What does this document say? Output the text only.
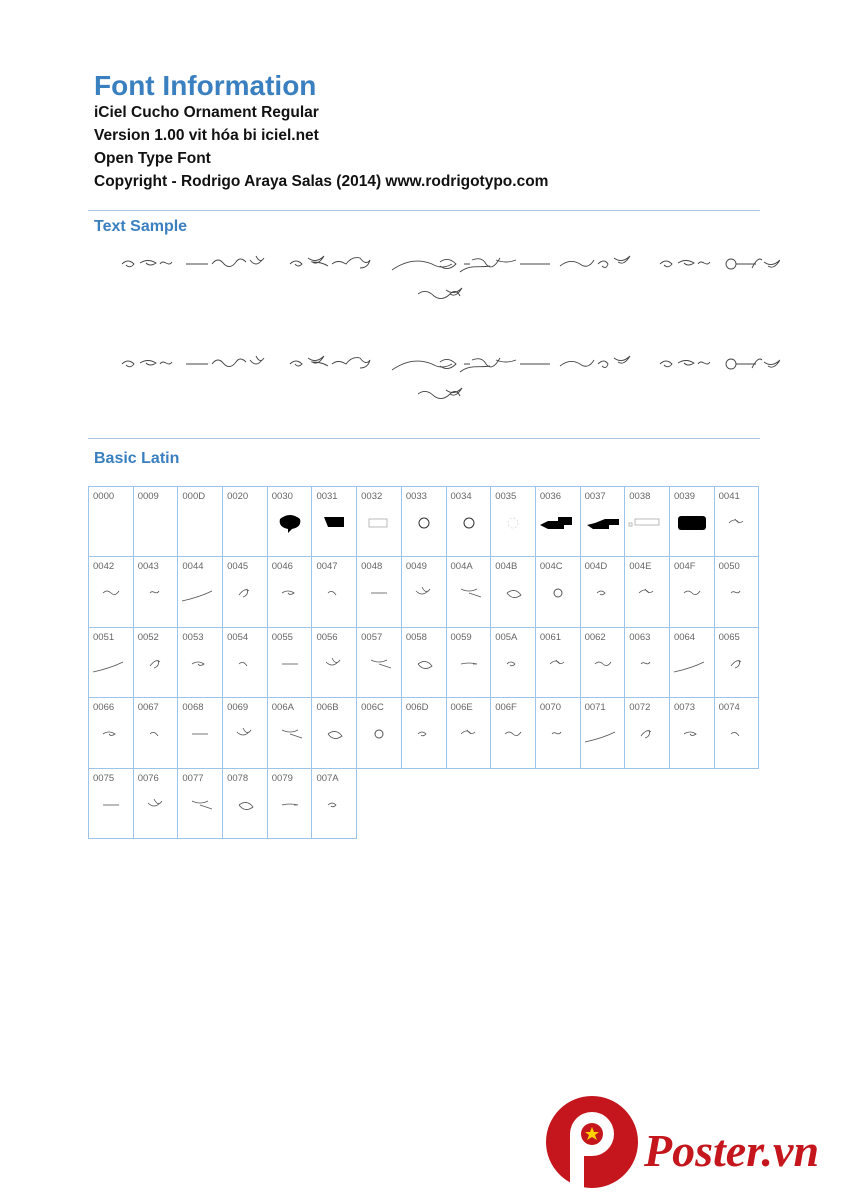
Font Information
iCiel Cucho Ornament Regular
Version 1.00 vit hóa bi iciel.net
Open Type Font
Copyright - Rodrigo Araya Salas (2014) www.rodrigotypo.com
Text Sample
Basic Latin
0000 0009 000D 0020 0030 0031 0032 0033 0034 0035 0036 0037 0038 0039 0041
0042 0043 0044 0045 0046 0047 0048 0049 004A 004B 004C 004D 004E 004F 0050
0051 0052 0053 0054 0055 0056 0057 0058 0059 005A 0061 0062 0063 0064 0065
0066 0067 0068 0069 006A 006B 006C 006D 006E 006F 0070 0071 0072 0073 0074
0075 0076 0077 0078 0079 007A
Poster.vn
